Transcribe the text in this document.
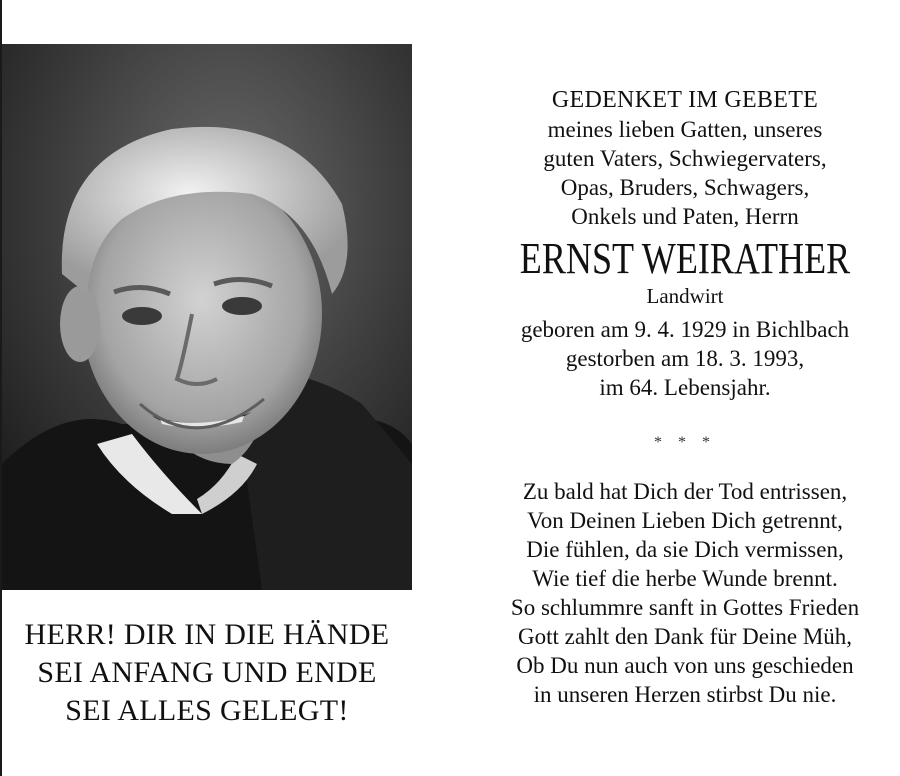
HERR! DIR IN DIE HÄNDE
SEI ANFANG UND ENDE
SEI ALLES GELEGT!
GEDENKET IM GEBETE
meines lieben Gatten, unseres
guten Vaters, Schwiegervaters,
Opas, Bruders, Schwagers,
Onkels und Paten, Herrn
ERNST WEIRATHER
Landwirt
geboren am 9. 4. 1929 in Bichlbach
gestorben am 18. 3. 1993,
im 64. Lebensjahr.
* * *
Zu bald hat Dich der Tod entrissen,
Von Deinen Lieben Dich getrennt,
Die fühlen, da sie Dich vermissen,
Wie tief die herbe Wunde brennt.
So schlummre sanft in Gottes Frieden
Gott zahlt den Dank für Deine Müh,
Ob Du nun auch von uns geschieden
in unseren Herzen stirbst Du nie.
